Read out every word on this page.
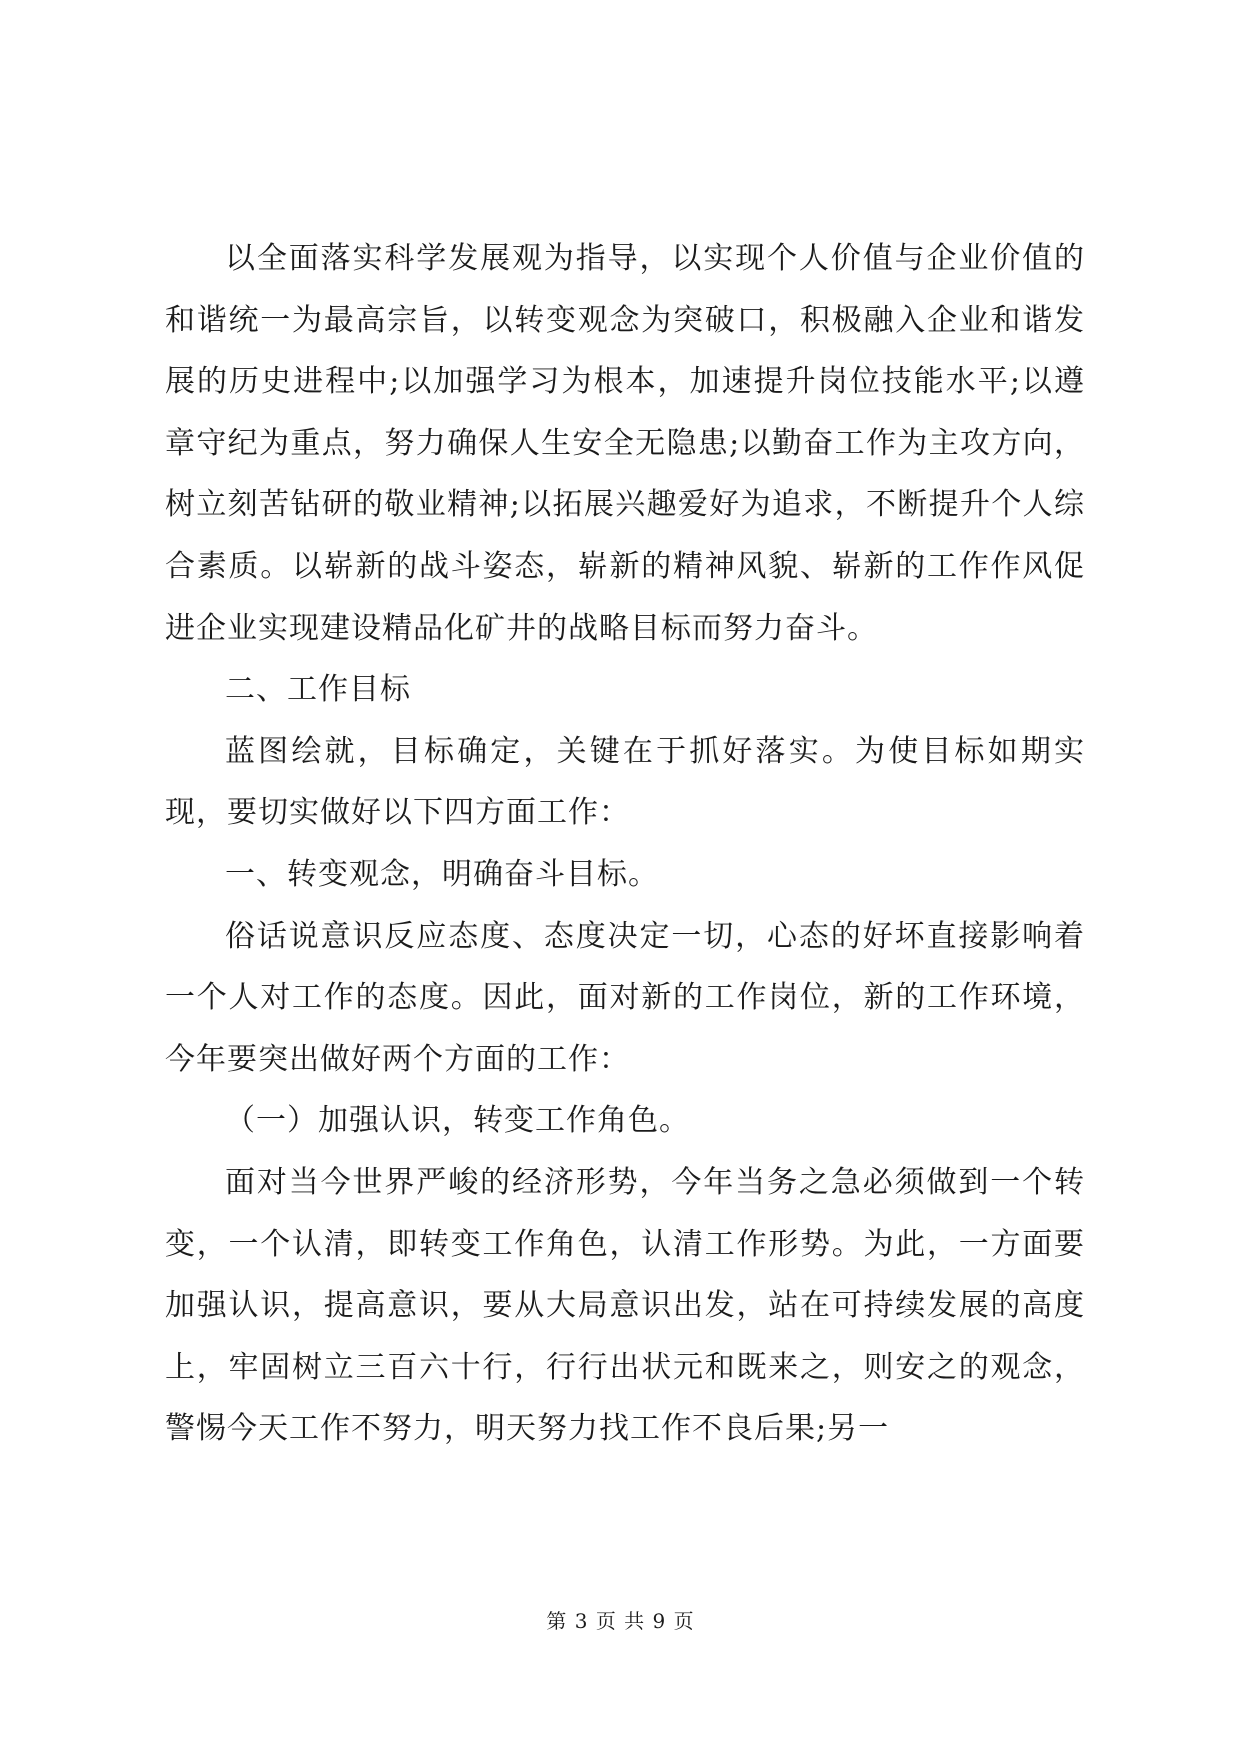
以全面落实科学发展观为指导，以实现个人价值与企业价值的和谐统一为最高宗旨，以转变观念为突破口，积极融入企业和谐发展的历史进程中;以加强学习为根本，加速提升岗位技能水平;以遵章守纪为重点，努力确保人生安全无隐患;以勤奋工作为主攻方向，树立刻苦钻研的敬业精神;以拓展兴趣爱好为追求，不断提升个人综合素质。以崭新的战斗姿态，崭新的精神风貌、崭新的工作作风促进企业实现建设精品化矿井的战略目标而努力奋斗。

二、工作目标

蓝图绘就，目标确定，关键在于抓好落实。为使目标如期实现，要切实做好以下四方面工作：

一、转变观念，明确奋斗目标。

俗话说意识反应态度、态度决定一切，心态的好坏直接影响着一个人对工作的态度。因此，面对新的工作岗位，新的工作环境，今年要突出做好两个方面的工作：

（一）加强认识，转变工作角色。

面对当今世界严峻的经济形势，今年当务之急必须做到一个转变，一个认清，即转变工作角色，认清工作形势。为此，一方面要加强认识，提高意识，要从大局意识出发，站在可持续发展的高度上，牢固树立三百六十行，行行出状元和既来之，则安之的观念，警惕今天工作不努力，明天努力找工作不良后果;另一

第 3 页 共 9 页
